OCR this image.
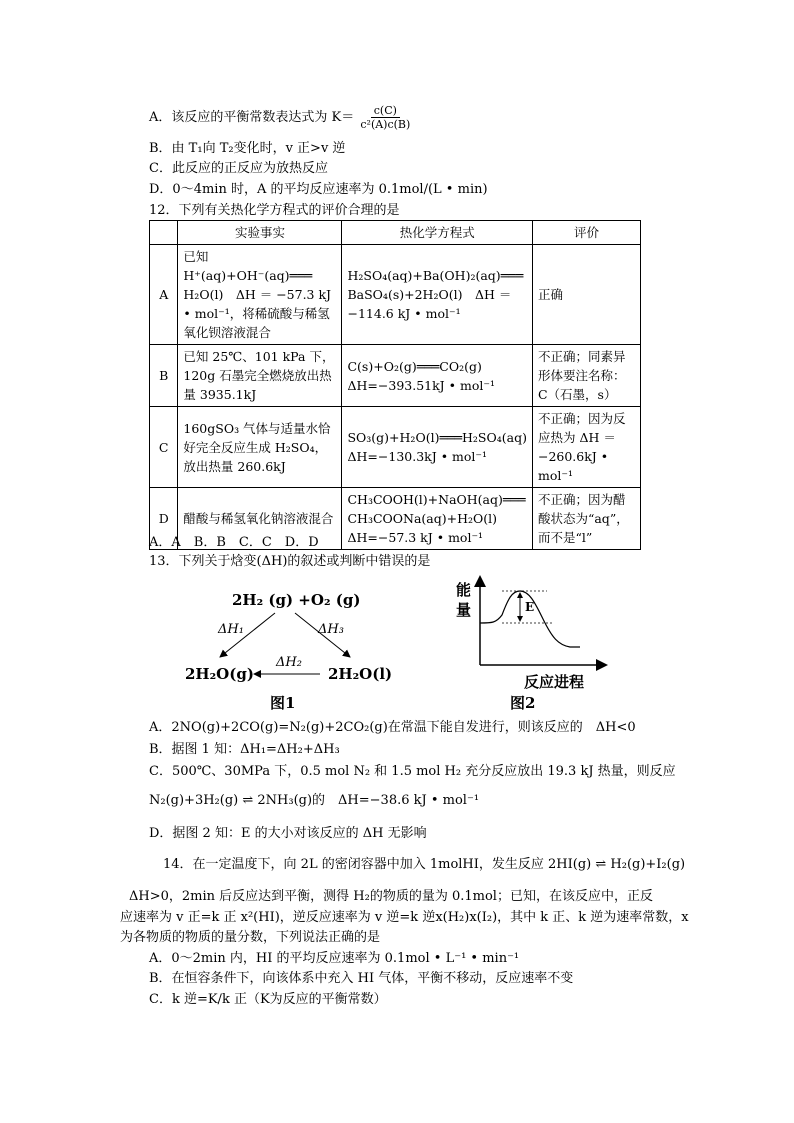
A．该反应的平衡常数表达式为 $K= \frac{c(C)}{\text{c²(A)c(B)}}$
B．由 T₁向 T₂变化时，v 正>v 逆
C．此反应的正反应为放热反应
D．0～4min 时，A 的平均反应速率为 0.1mol/(L • min)
12．下列有关热化学方程式的评价合理的是
	实验事实	热化学方程式	评价
A	已知 H⁺(aq)+OH⁻(aq)═══ H₂O(l)　ΔH ＝ −57.3 kJ • mol⁻¹，将稀硫酸与稀氢氧化钡溶液混合	H₂SO₄(aq)+Ba(OH)₂(aq)═══ BaSO₄(s)+2H₂O(l)　ΔH ＝ −114.6 kJ • mol⁻¹	正确
B	已知 25℃、101 kPa 下，120g 石墨完全燃烧放出热量 3935.1kJ	C(s)+O₂(g)═══CO₂(g) ΔH=−393.51kJ • mol⁻¹	不正确；同素异形体要注名称：C（石墨，s）
C	160gSO₃ 气体与适量水恰好完全反应生成 H₂SO₄，放出热量 260.6kJ	SO₃(g)+H₂O(l)═══H₂SO₄(aq) ΔH=−130.3kJ • mol⁻¹	不正确；因为反应热为 ΔH ＝ −260.6kJ • mol⁻¹
D	醋酸与稀氢氧化钠溶液混合	CH₃COOH(l)+NaOH(aq)═══ CH₃COONa(aq)+H₂O(l) ΔH=−57.3 kJ • mol⁻¹	不正确；因为醋酸状态为“aq”，而不是“l”
A．A　B．B　C．C　D．D
13．下列关于焓变(ΔH)的叙述或判断中错误的是
2H₂ (g) +O₂ (g)
ΔH₁	ΔH₃
2H₂O(g)	2H₂O(l)
ΔH₂
图1
能
量	E
反应进程
图2
A．2NO(g)+2CO(g)=N₂(g)+2CO₂(g)在常温下能自发进行，则该反应的　ΔH<0
B．据图 1 知：ΔH₁=ΔH₂+ΔH₃
C．500℃、30MPa 下，0.5 mol N₂ 和 1.5 mol H₂ 充分反应放出 19.3 kJ 热量，则反应
N₂(g)+3H₂(g) ⇌ 2NH₃(g)的　ΔH=−38.6 kJ • mol⁻¹
D．据图 2 知：E 的大小对该反应的 ΔH 无影响
14．在一定温度下，向 2L 的密闭容器中加入 1molHI，发生反应 2HI(g) ⇌ H₂(g)+I₂(g)
ΔH>0，2min 后反应达到平衡，测得 H₂的物质的量为 0.1mol；已知，在该反应中，正反
应速率为 v 正=k 正 x²(HI)，逆反应速率为 v 逆=k 逆x(H₂)x(I₂)，其中 k 正、k 逆为速率常数，x
为各物质的物质的量分数，下列说法正确的是
A．0～2min 内，HI 的平均反应速率为 0.1mol • L⁻¹ • min⁻¹
B．在恒容条件下，向该体系中充入 HI 气体，平衡不移动，反应速率不变
C．k 逆=K/k 正（K为反应的平衡常数）
